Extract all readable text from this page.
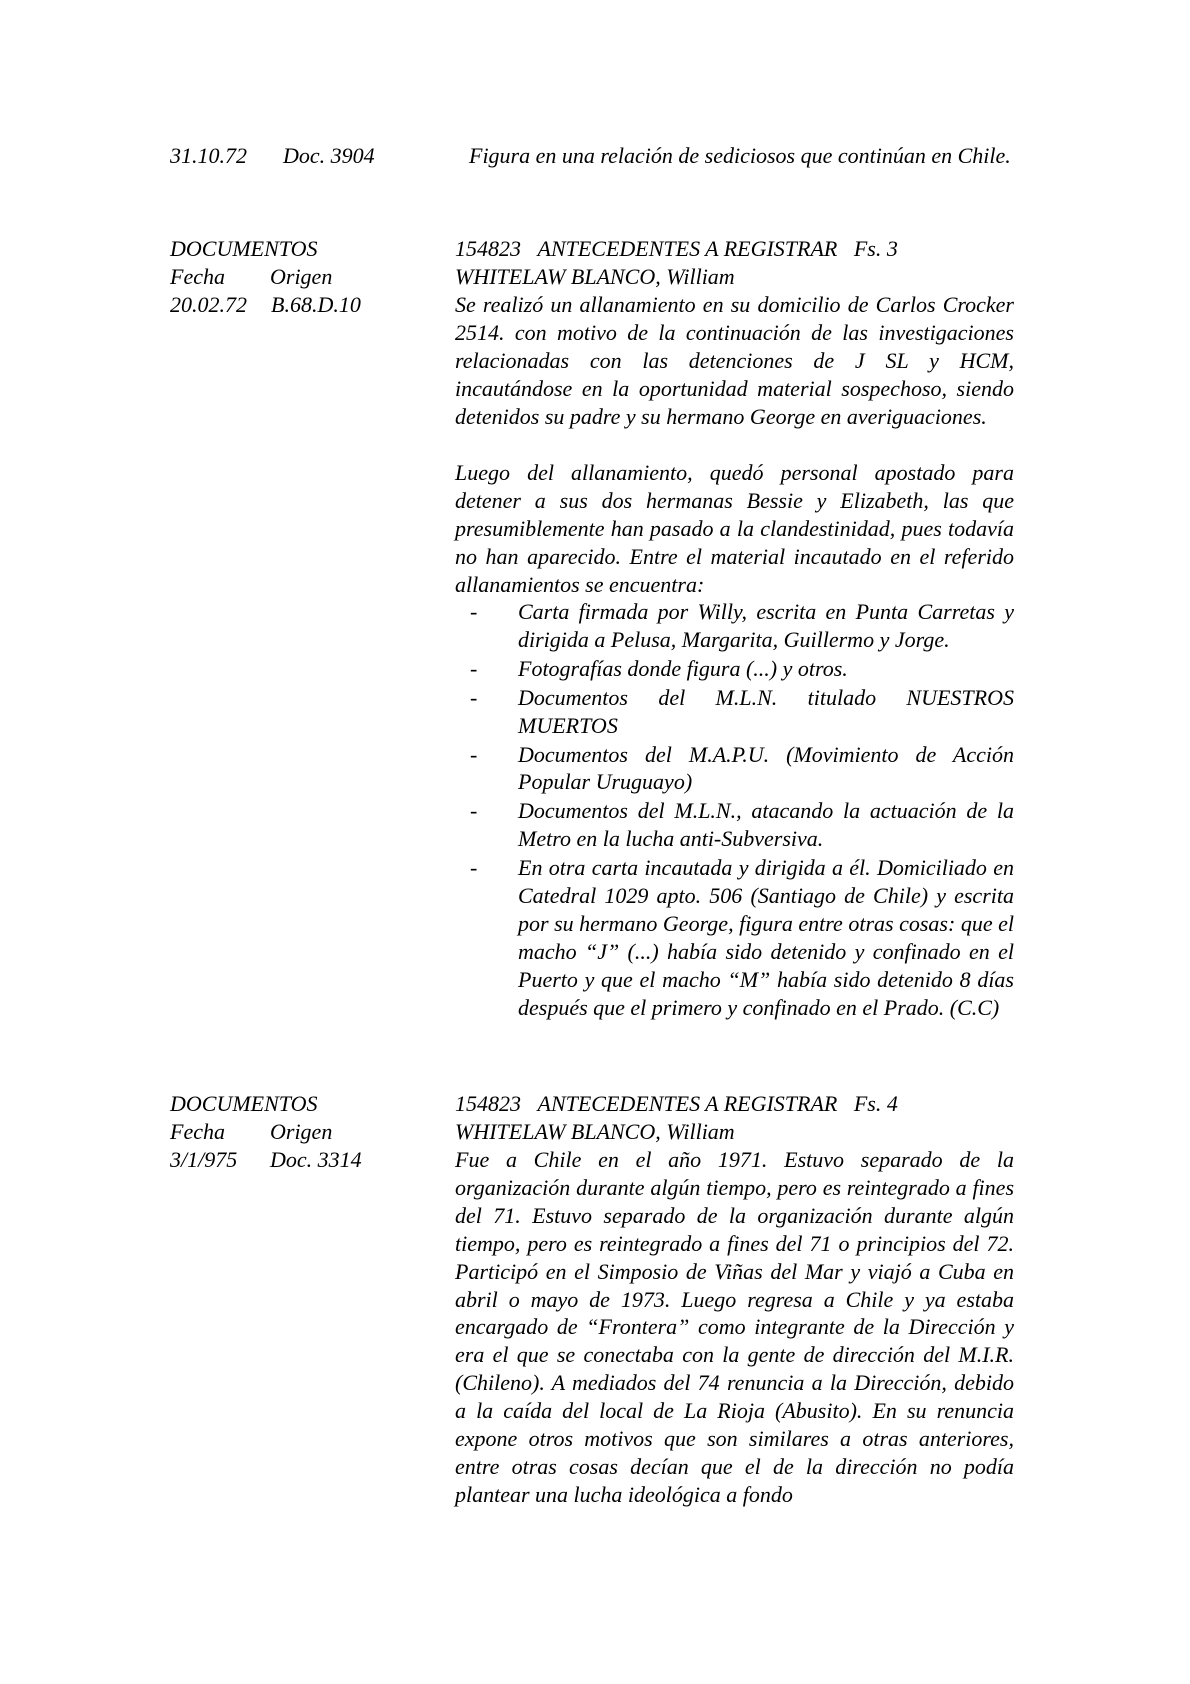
31.10.72 Doc. 3904	Figura en una relación de sediciosos que continúan en Chile.
DOCUMENTOS
Fecha Origen
20.02.72 B.68.D.10
154823 ANTECEDENTES A REGISTRAR Fs. 3
WHITELAW BLANCO, William
Se realizó un allanamiento en su domicilio de Carlos Crocker 2514. con motivo de la continuación de las investigaciones relacionadas con las detenciones de J SL y HCM, incautándose en la oportunidad material sospechoso, siendo detenidos su padre y su hermano George en averiguaciones.
Luego del allanamiento, quedó personal apostado para detener a sus dos hermanas Bessie y Elizabeth, las que presumiblemente han pasado a la clandestinidad, pues todavía no han aparecido. Entre el material incautado en el referido allanamientos se encuentra:
- Carta firmada por Willy, escrita en Punta Carretas y dirigida a Pelusa, Margarita, Guillermo y Jorge.
- Fotografías donde figura (...) y otros.
- Documentos del M.L.N. titulado NUESTROS MUERTOS
- Documentos del M.A.P.U. (Movimiento de Acción Popular Uruguayo)
- Documentos del M.L.N., atacando la actuación de la Metro en la lucha anti-Subversiva.
- En otra carta incautada y dirigida a él. Domiciliado en Catedral 1029 apto. 506 (Santiago de Chile) y escrita por su hermano George, figura entre otras cosas: que el macho “J” (...) había sido detenido y confinado en el Puerto y que el macho “M” había sido detenido 8 días después que el primero y confinado en el Prado. (C.C)
DOCUMENTOS
Fecha Origen
3/1/975 Doc. 3314
154823 ANTECEDENTES A REGISTRAR Fs. 4
WHITELAW BLANCO, William
Fue a Chile en el año 1971. Estuvo separado de la organización durante algún tiempo, pero es reintegrado a fines del 71. Estuvo separado de la organización durante algún tiempo, pero es reintegrado a fines del 71 o principios del 72. Participó en el Simposio de Viñas del Mar y viajó a Cuba en abril o mayo de 1973. Luego regresa a Chile y ya estaba encargado de “Frontera” como integrante de la Dirección y era el que se conectaba con la gente de dirección del M.I.R. (Chileno). A mediados del 74 renuncia a la Dirección, debido a la caída del local de La Rioja (Abusito). En su renuncia expone otros motivos que son similares a otras anteriores, entre otras cosas decían que el de la dirección no podía plantear una lucha ideológica a fondo
